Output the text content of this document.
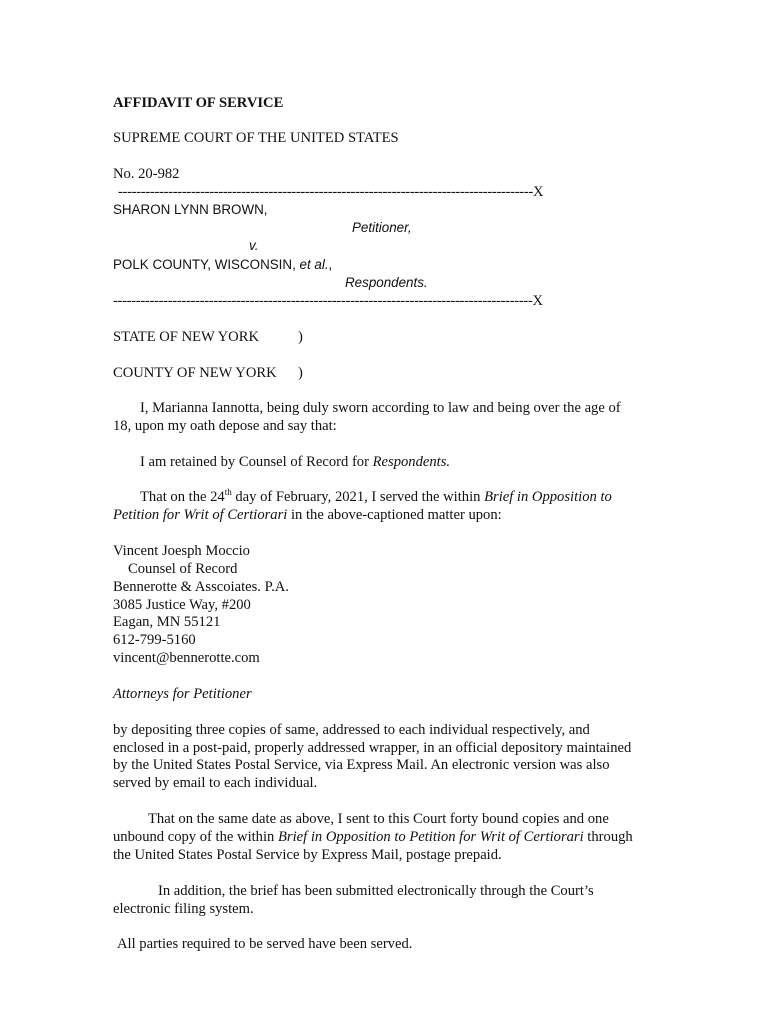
AFFIDAVIT OF SERVICE
SUPREME COURT OF THE UNITED STATES
No. 20-982
-------------------------------------------------------------------------------------------X
SHARON LYNN BROWN,
Petitioner,
v.
POLK COUNTY, WISCONSIN, et al.,
Respondents.
--------------------------------------------------------------------------------------------X
STATE OF NEW YORK	)
COUNTY OF NEW YORK )
I, Marianna Iannotta, being duly sworn according to law and being over the age of
18, upon my oath depose and say that:
I am retained by Counsel of Record for Respondents.
That on the 24th day of February, 2021, I served the within Brief in Opposition to
Petition for Writ of Certiorari in the above-captioned matter upon:
Vincent Joesph Moccio
Counsel of Record
Bennerotte & Asscoiates. P.A.
3085 Justice Way, #200
Eagan, MN 55121
612-799-5160
vincent@bennerotte.com
Attorneys for Petitioner
by depositing three copies of same, addressed to each individual respectively, and
enclosed in a post-paid, properly addressed wrapper, in an official depository maintained
by the United States Postal Service, via Express Mail. An electronic version was also
served by email to each individual.
That on the same date as above, I sent to this Court forty bound copies and one
unbound copy of the within Brief in Opposition to Petition for Writ of Certiorari through
the United States Postal Service by Express Mail, postage prepaid.
In addition, the brief has been submitted electronically through the Court’s
electronic filing system.
All parties required to be served have been served.
